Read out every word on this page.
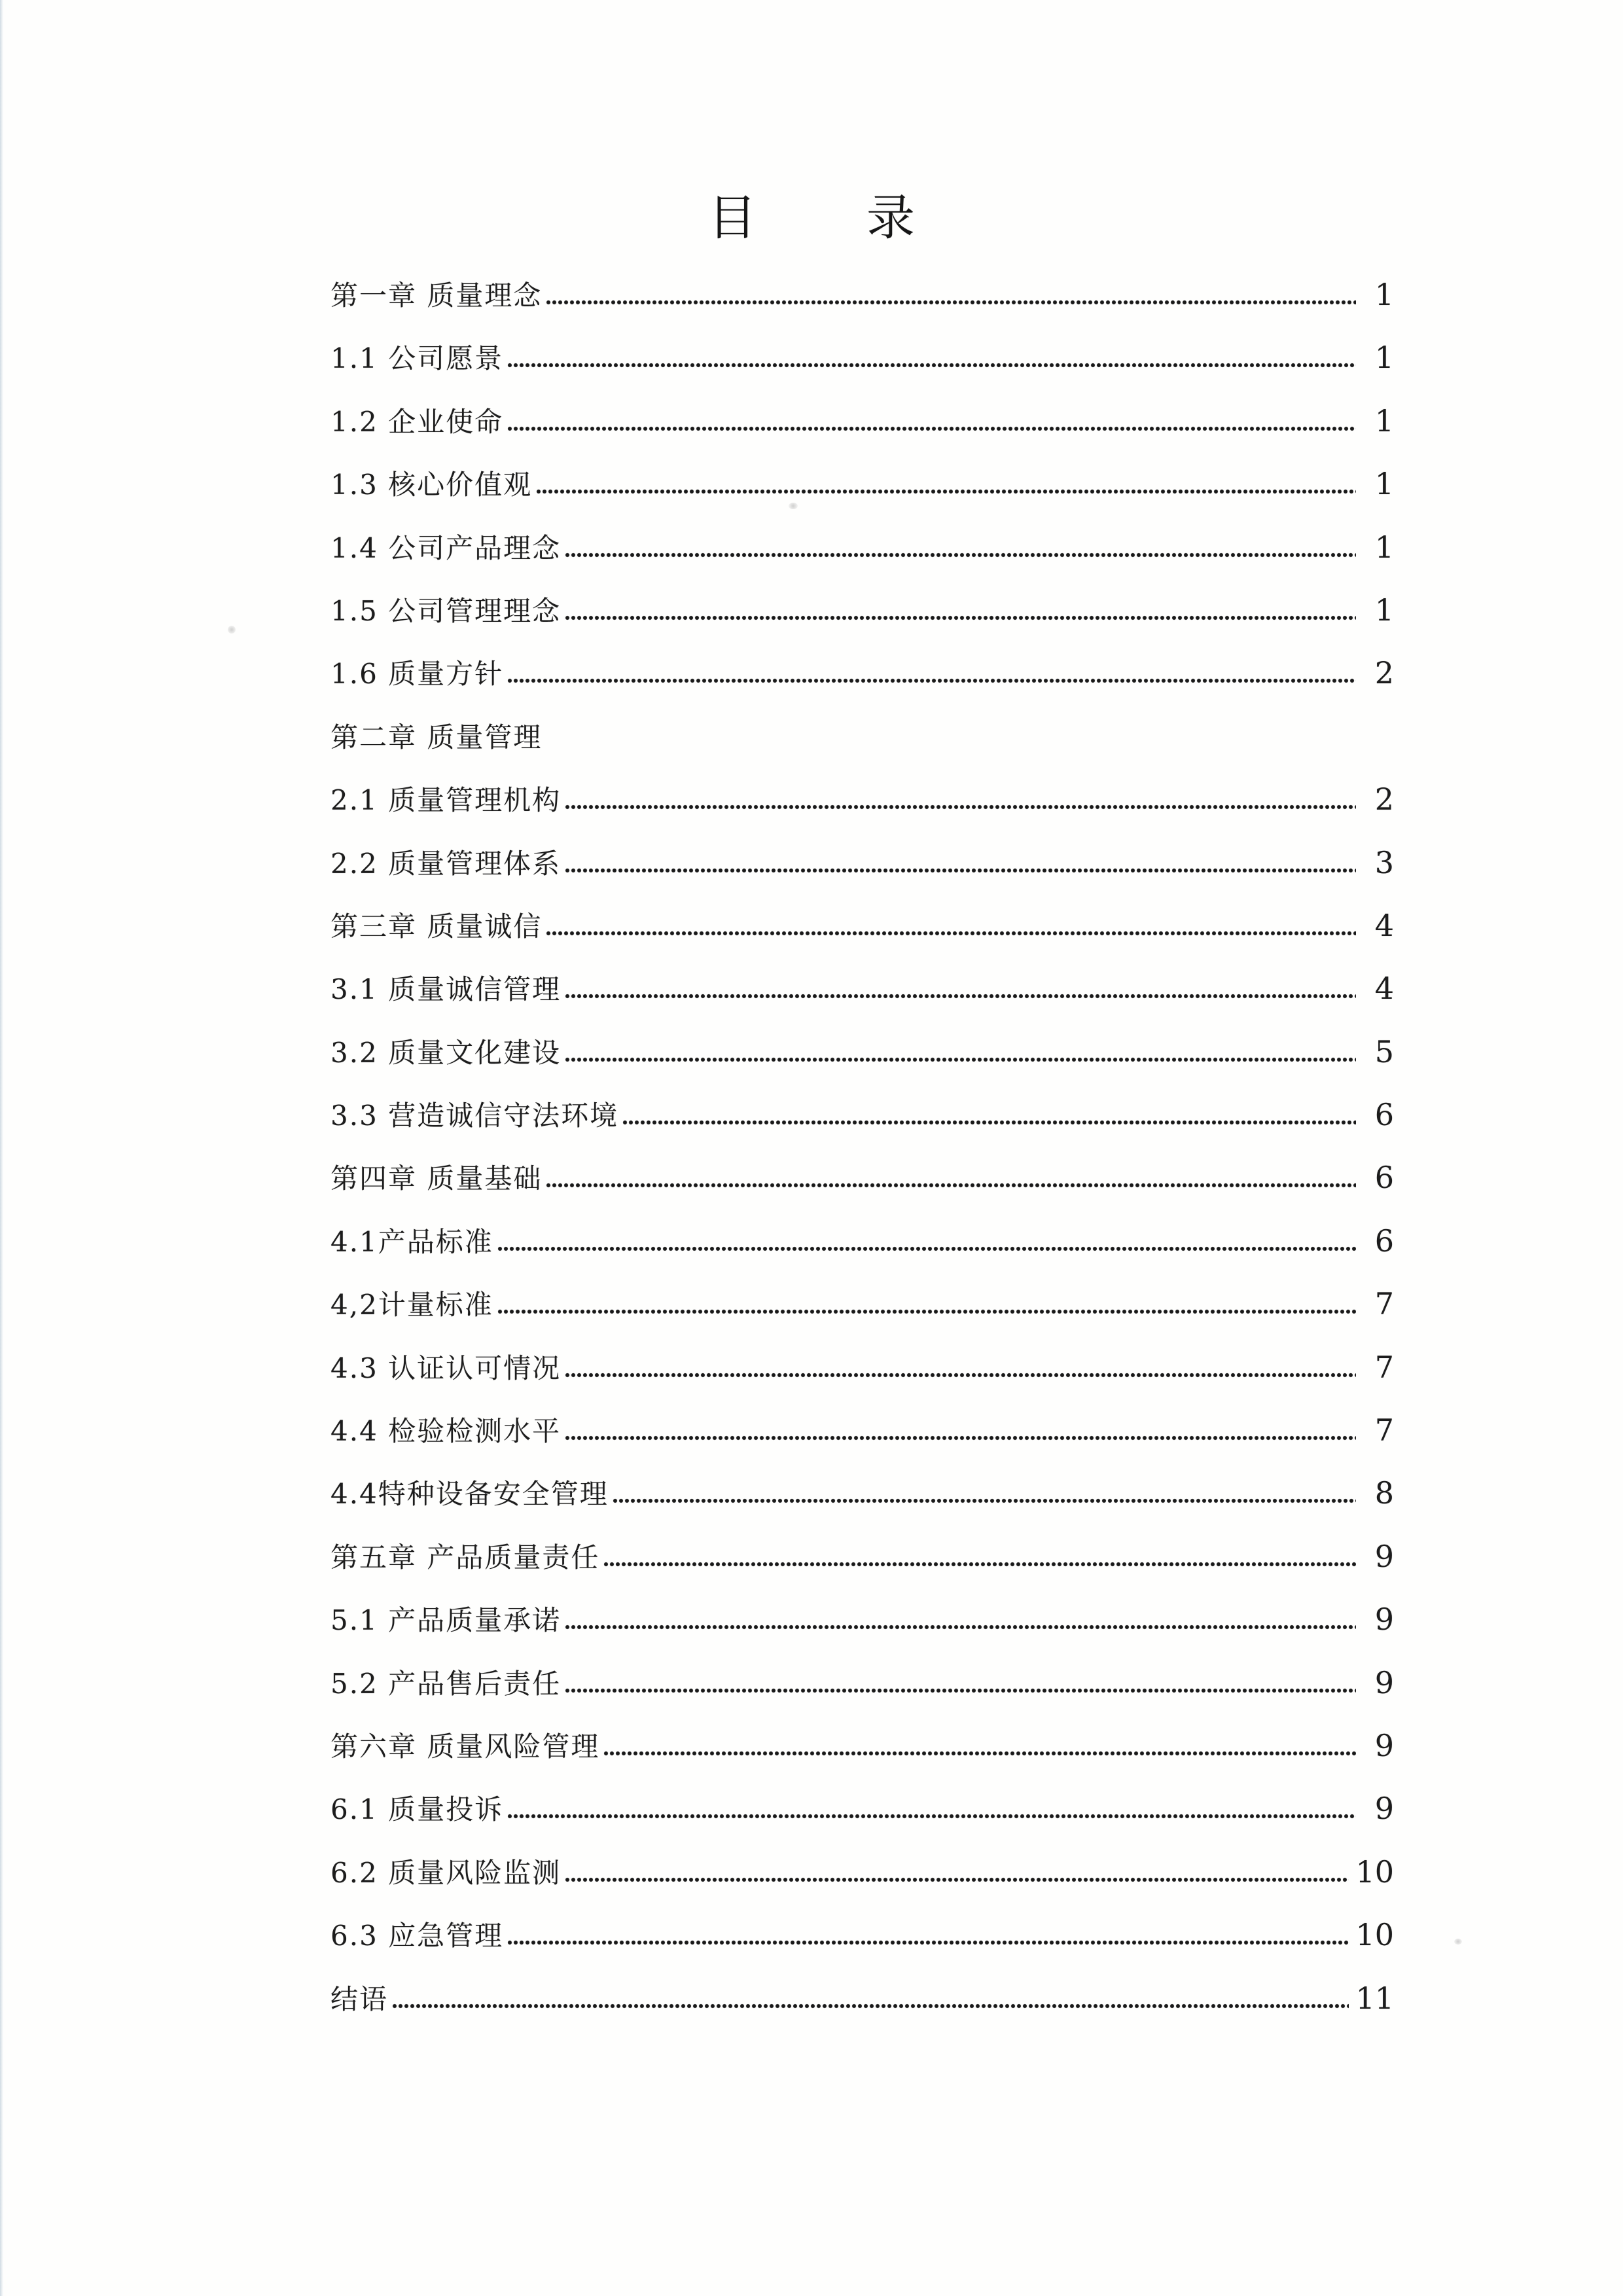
目 录
第一章 质量理念	1
1.1 公司愿景	1
1.2 企业使命	1
1.3 核心价值观	1
1.4 公司产品理念	1
1.5 公司管理理念	1
1.6 质量方针	2
第二章 质量管理
2.1 质量管理机构	2
2.2 质量管理体系	3
第三章 质量诚信	4
3.1 质量诚信管理	4
3.2 质量文化建设	5
3.3 营造诚信守法环境	6
第四章 质量基础	6
4.1产品标准	6
4,2计量标准	7
4.3 认证认可情况	7
4.4 检验检测水平	7
4.4特种设备安全管理	8
第五章 产品质量责任	9
5.1 产品质量承诺	9
5.2 产品售后责任	9
第六章 质量风险管理	9
6.1 质量投诉	9
6.2 质量风险监测	10
6.3 应急管理	10
结语	11
